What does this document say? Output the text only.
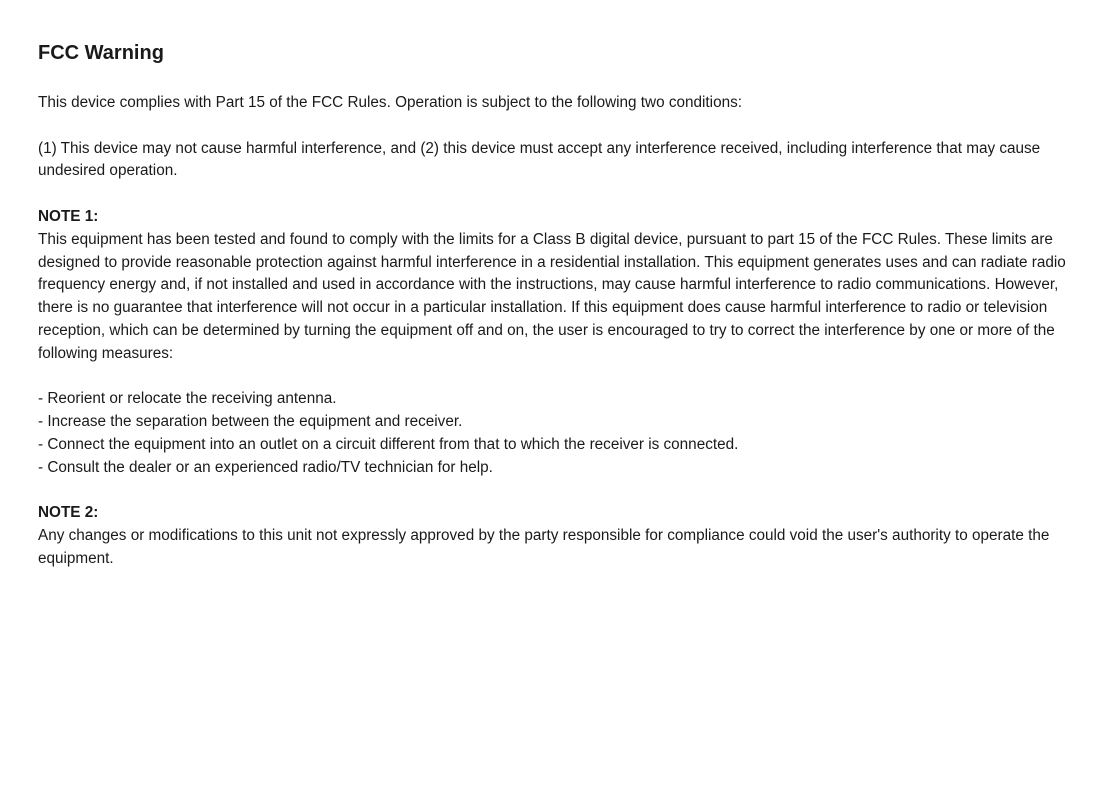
FCC Warning

This device complies with Part 15 of the FCC Rules. Operation is subject to the following two conditions:

(1) This device may not cause harmful interference, and (2) this device must accept any interference received, including interference that may cause undesired operation.

NOTE 1:

This equipment has been tested and found to comply with the limits for a Class B digital device, pursuant to part 15 of the FCC Rules. These limits are designed to provide reasonable protection against harmful interference in a residential installation. This equipment generates uses and can radiate radio frequency energy and, if not installed and used in accordance with the instructions, may cause harmful interference to radio communications. However, there is no guarantee that interference will not occur in a particular installation. If this equipment does cause harmful interference to radio or television reception, which can be determined by turning the equipment off and on, the user is encouraged to try to correct the interference by one or more of the following measures:

- Reorient or relocate the receiving antenna.
- Increase the separation between the equipment and receiver.
- Connect the equipment into an outlet on a circuit different from that to which the receiver is connected.
- Consult the dealer or an experienced radio/TV technician for help.

NOTE 2:

Any changes or modifications to this unit not expressly approved by the party responsible for compliance could void the user's authority to operate the equipment.
